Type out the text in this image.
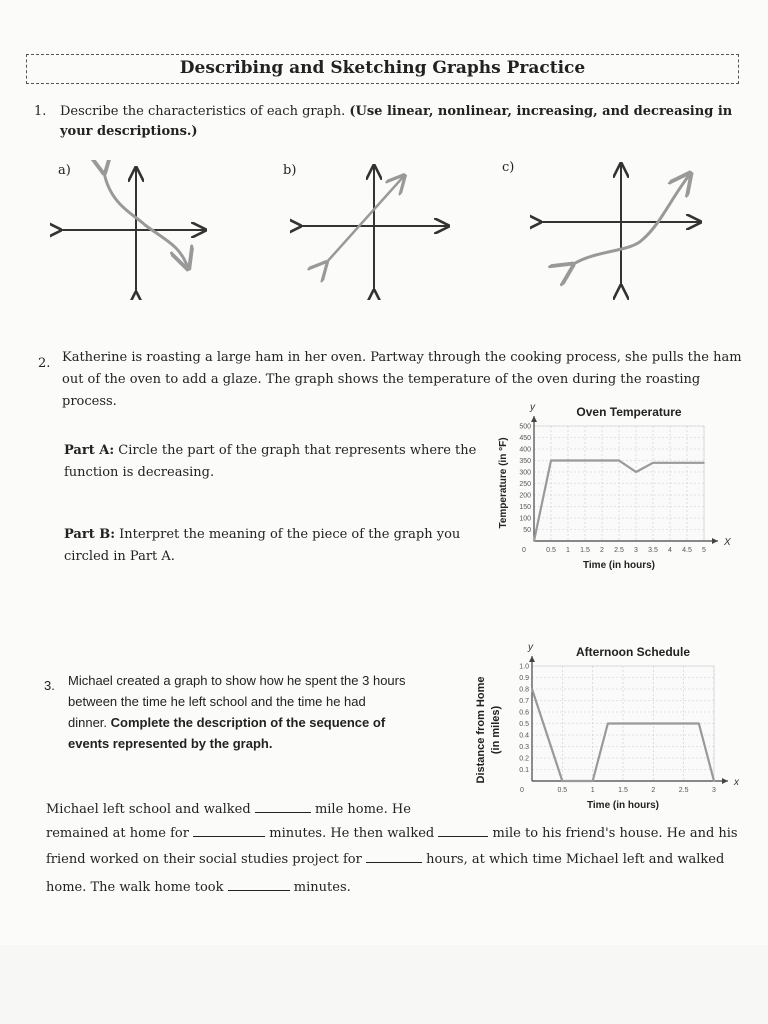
Describing and Sketching Graphs Practice
1. Describe the characteristics of each graph. (Use linear, nonlinear, increasing, and decreasing in
your descriptions.)
a)	b)	c)
2. Katherine is roasting a large ham in her oven. Partway through the cooking process, she pulls the ham
out of the oven to add a glaze. The graph shows the temperature of the oven during the roasting
process.
Part A: Circle the part of the graph that represents where the
function is decreasing.
Part B: Interpret the meaning of the piece of the graph you
circled in Part A.	0.5 1 1.5 2 2.5 3 3.5 4 4.5 5
50
100
150
200
250
300
350
400
450
500
0
X
y	Oven Temperature
Time (in hours)
Temperature (in °F)
3. Michael created a graph to show how he spent the 3 hours
between the time he left school and the time he had
dinner. Complete the description of the sequence of
events represented by the graph.
0.5	1	1.5	2	2.5	3
0.1
0.2
0.3
0.4
0.5
0.6
0.7
0.8
0.9
1.0
0
x
y	Afternoon Schedule
Time (in hours)
Distance from Home (in miles)
Michael left school and walked	mile home. He
remained at home for	minutes. He then walked	mile to his friend's house. He and his
friend worked on their social studies project for	hours, at which time Michael left and walked
home. The walk home took	minutes.
